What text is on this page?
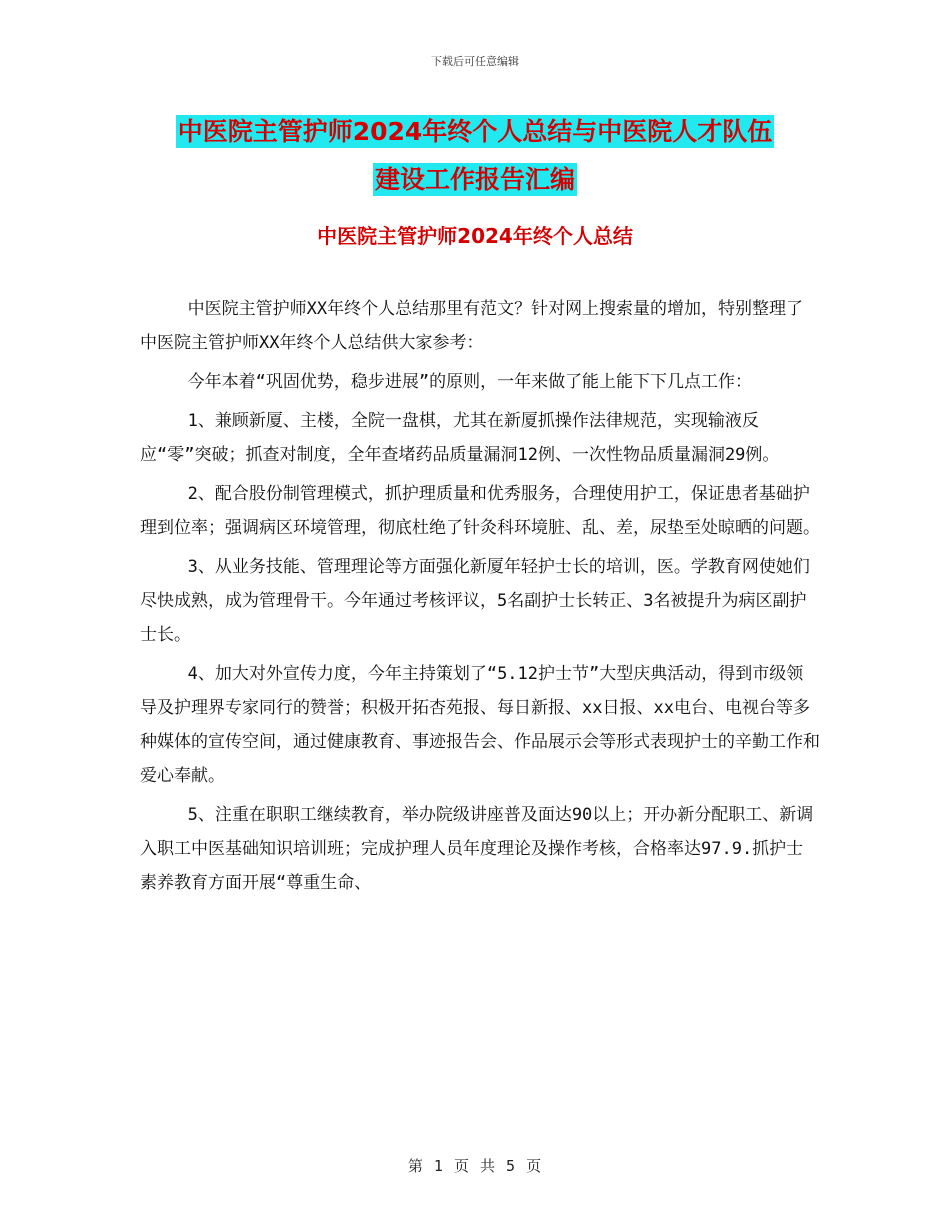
下载后可任意编辑
中医院主管护师2024年终个人总结与中医院人才队伍
建设工作报告汇编
中医院主管护师2024年终个人总结

中医院主管护师XX年终个人总结那里有范文？针对网上搜索量的增加，特别整理了中医院主管护师XX年终个人总结供大家参考：

今年本着“巩固优势，稳步进展”的原则，一年来做了能上能下下几点工作：

1、兼顾新厦、主楼，全院一盘棋，尤其在新厦抓操作法律规范，实现输液反应“零”突破；抓查对制度，全年查堵药品质量漏洞12例、一次性物品质量漏洞29例。

2、配合股份制管理模式，抓护理质量和优秀服务，合理使用护工，保证患者基础护理到位率；强调病区环境管理，彻底杜绝了针灸科环境脏、乱、差，尿垫至处晾晒的问题。

3、从业务技能、管理理论等方面强化新厦年轻护士长的培训，医。学教育网使她们尽快成熟，成为管理骨干。今年通过考核评议，5名副护士长转正、3名被提升为病区副护士长。

4、加大对外宣传力度，今年主持策划了“5.12护士节”大型庆典活动，得到市级领导及护理界专家同行的赞誉；积极开拓杏苑报、每日新报、xx日报、xx电台、电视台等多种媒体的宣传空间，通过健康教育、事迹报告会、作品展示会等形式表现护士的辛勤工作和爱心奉献。

5、注重在职职工继续教育，举办院级讲座普及面达90以上；开办新分配职工、新调入职工中医基础知识培训班；完成护理人员年度理论及操作考核，合格率达97.9.抓护士素养教育方面开展“尊重生命、

第 1 页 共 5 页
